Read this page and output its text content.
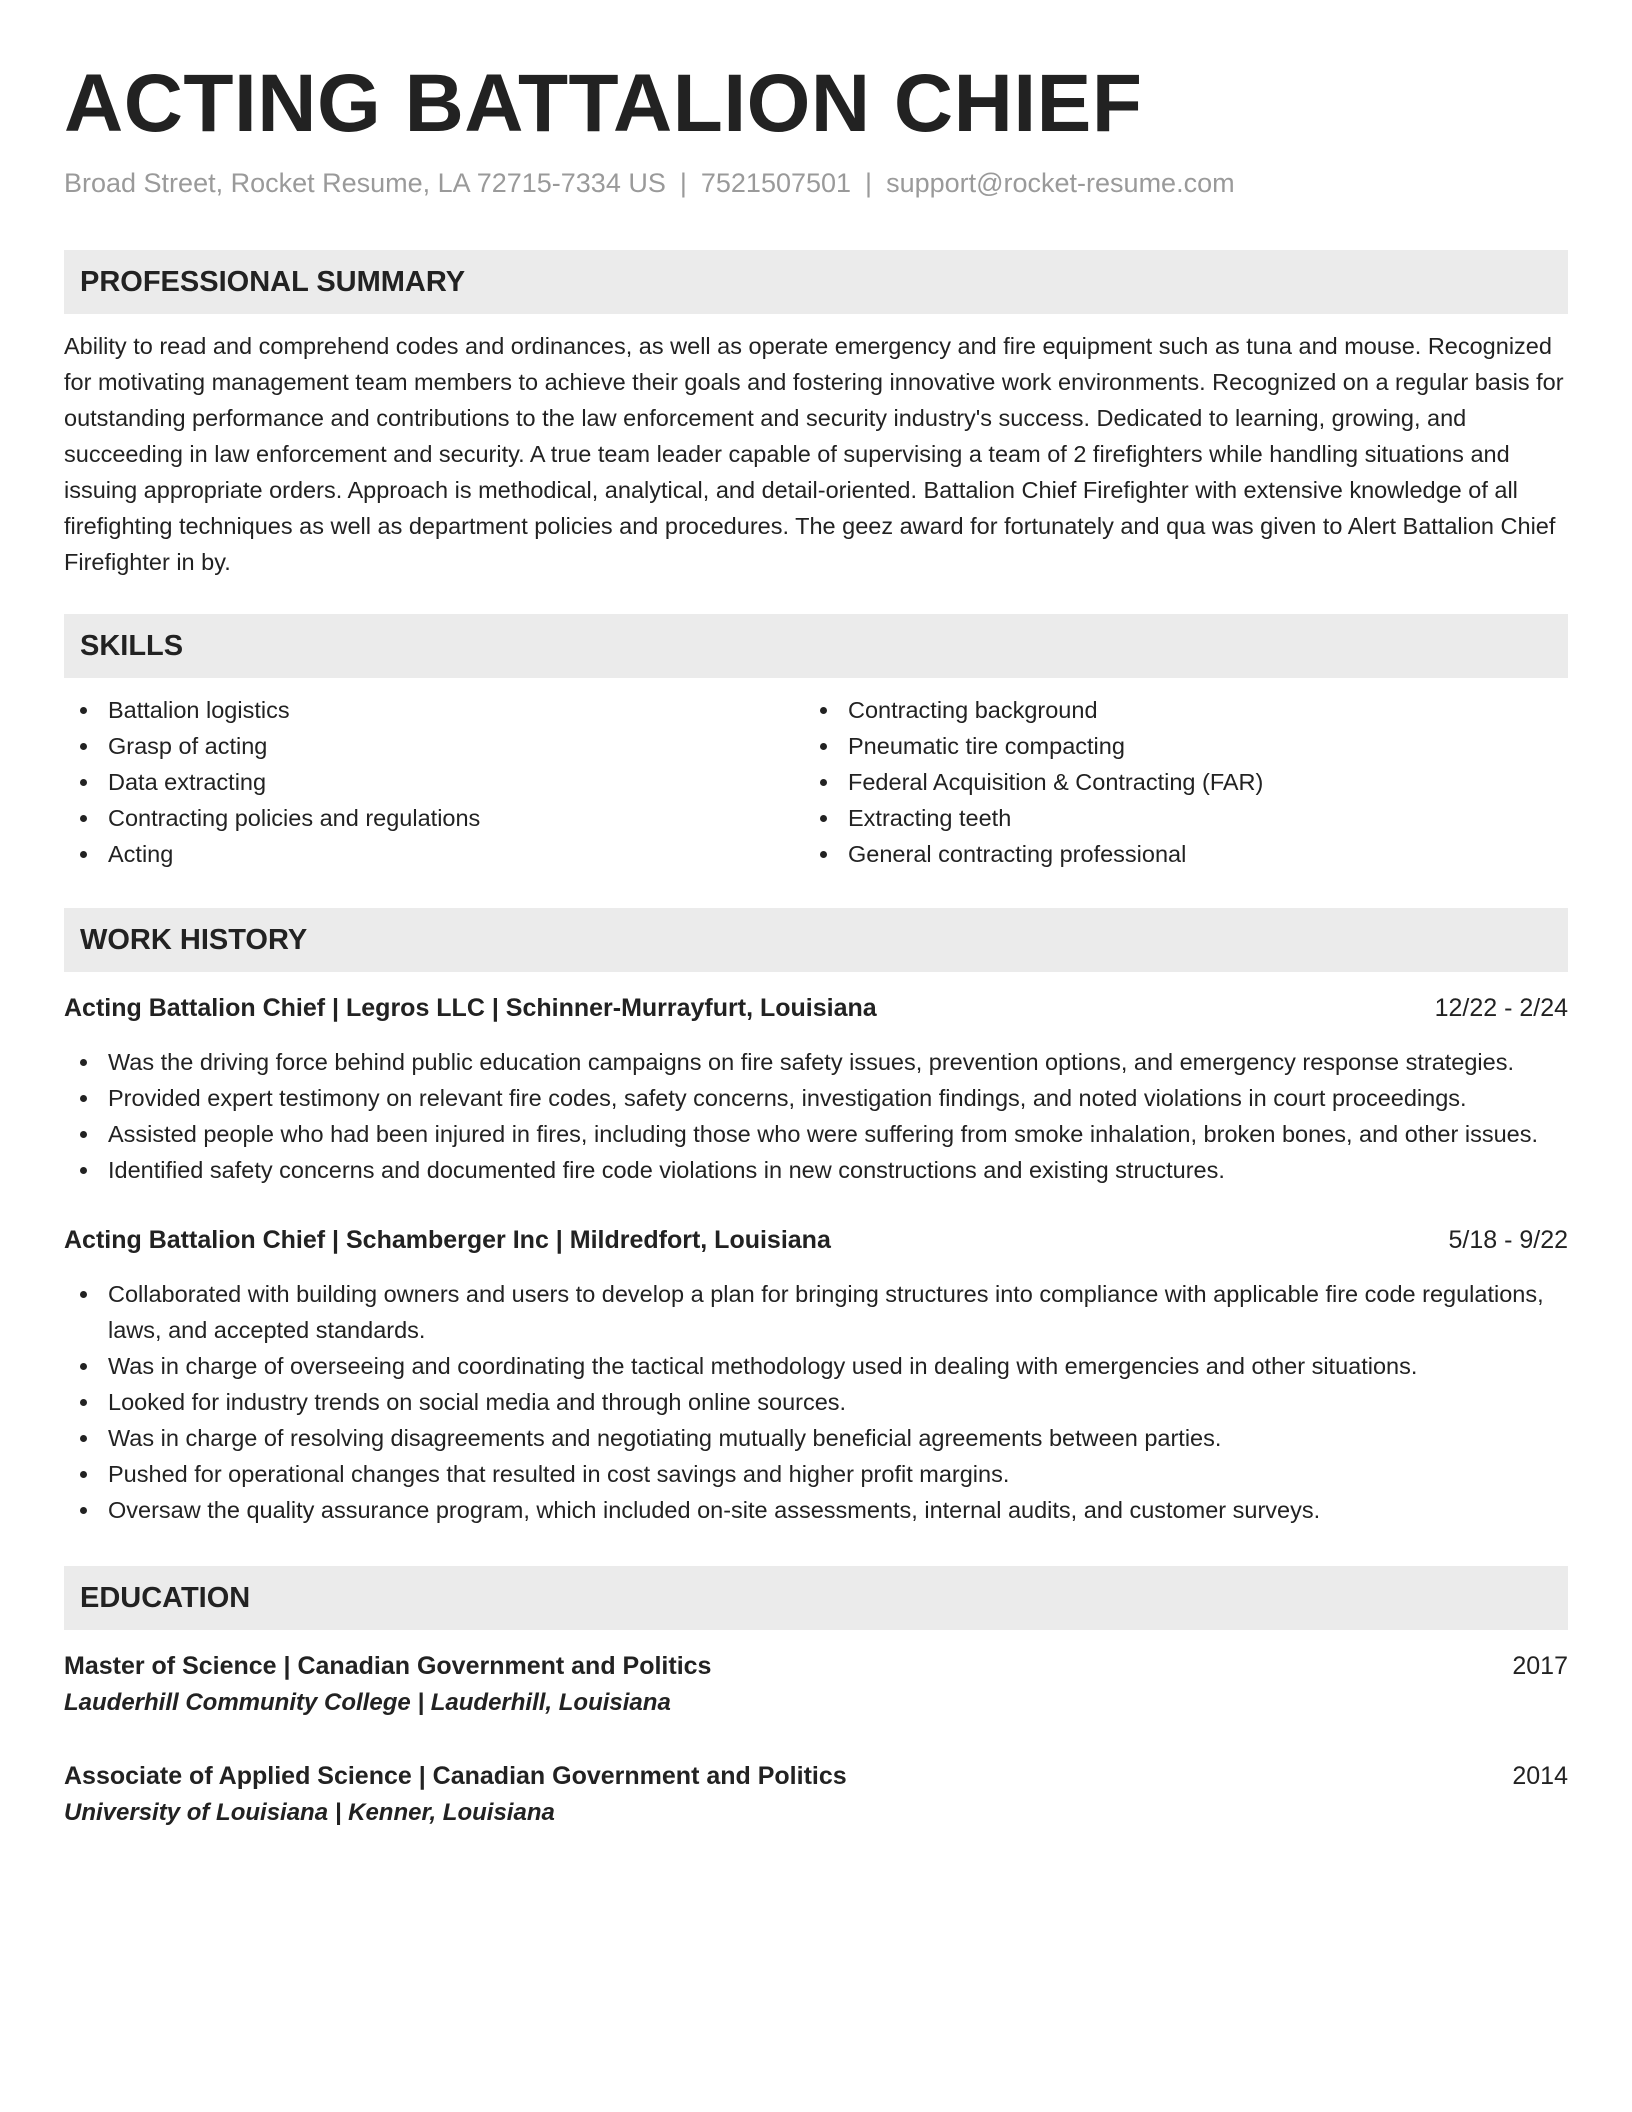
ACTING BATTALION CHIEF
Broad Street, Rocket Resume, LA 72715-7334 US | 7521507501 | support@rocket-resume.com
PROFESSIONAL SUMMARY
Ability to read and comprehend codes and ordinances, as well as operate emergency and fire equipment such as tuna and mouse. Recognized for motivating management team members to achieve their goals and fostering innovative work environments. Recognized on a regular basis for outstanding performance and contributions to the law enforcement and security industry's success. Dedicated to learning, growing, and succeeding in law enforcement and security. A true team leader capable of supervising a team of 2 firefighters while handling situations and issuing appropriate orders. Approach is methodical, analytical, and detail-oriented. Battalion Chief Firefighter with extensive knowledge of all firefighting techniques as well as department policies and procedures. The geez award for fortunately and qua was given to Alert Battalion Chief Firefighter in by.
SKILLS
Battalion logistics
Grasp of acting
Data extracting
Contracting policies and regulations
Acting
Contracting background
Pneumatic tire compacting
Federal Acquisition & Contracting (FAR)
Extracting teeth
General contracting professional
WORK HISTORY
Acting Battalion Chief | Legros LLC | Schinner-Murrayfurt, Louisiana	12/22 - 2/24
Was the driving force behind public education campaigns on fire safety issues, prevention options, and emergency response strategies.
Provided expert testimony on relevant fire codes, safety concerns, investigation findings, and noted violations in court proceedings.
Assisted people who had been injured in fires, including those who were suffering from smoke inhalation, broken bones, and other issues.
Identified safety concerns and documented fire code violations in new constructions and existing structures.
Acting Battalion Chief | Schamberger Inc | Mildredfort, Louisiana	5/18 - 9/22
Collaborated with building owners and users to develop a plan for bringing structures into compliance with applicable fire code regulations, laws, and accepted standards.
Was in charge of overseeing and coordinating the tactical methodology used in dealing with emergencies and other situations.
Looked for industry trends on social media and through online sources.
Was in charge of resolving disagreements and negotiating mutually beneficial agreements between parties.
Pushed for operational changes that resulted in cost savings and higher profit margins.
Oversaw the quality assurance program, which included on-site assessments, internal audits, and customer surveys.
EDUCATION
Master of Science | Canadian Government and Politics	2017
Lauderhill Community College | Lauderhill, Louisiana
Associate of Applied Science | Canadian Government and Politics	2014
University of Louisiana | Kenner, Louisiana
